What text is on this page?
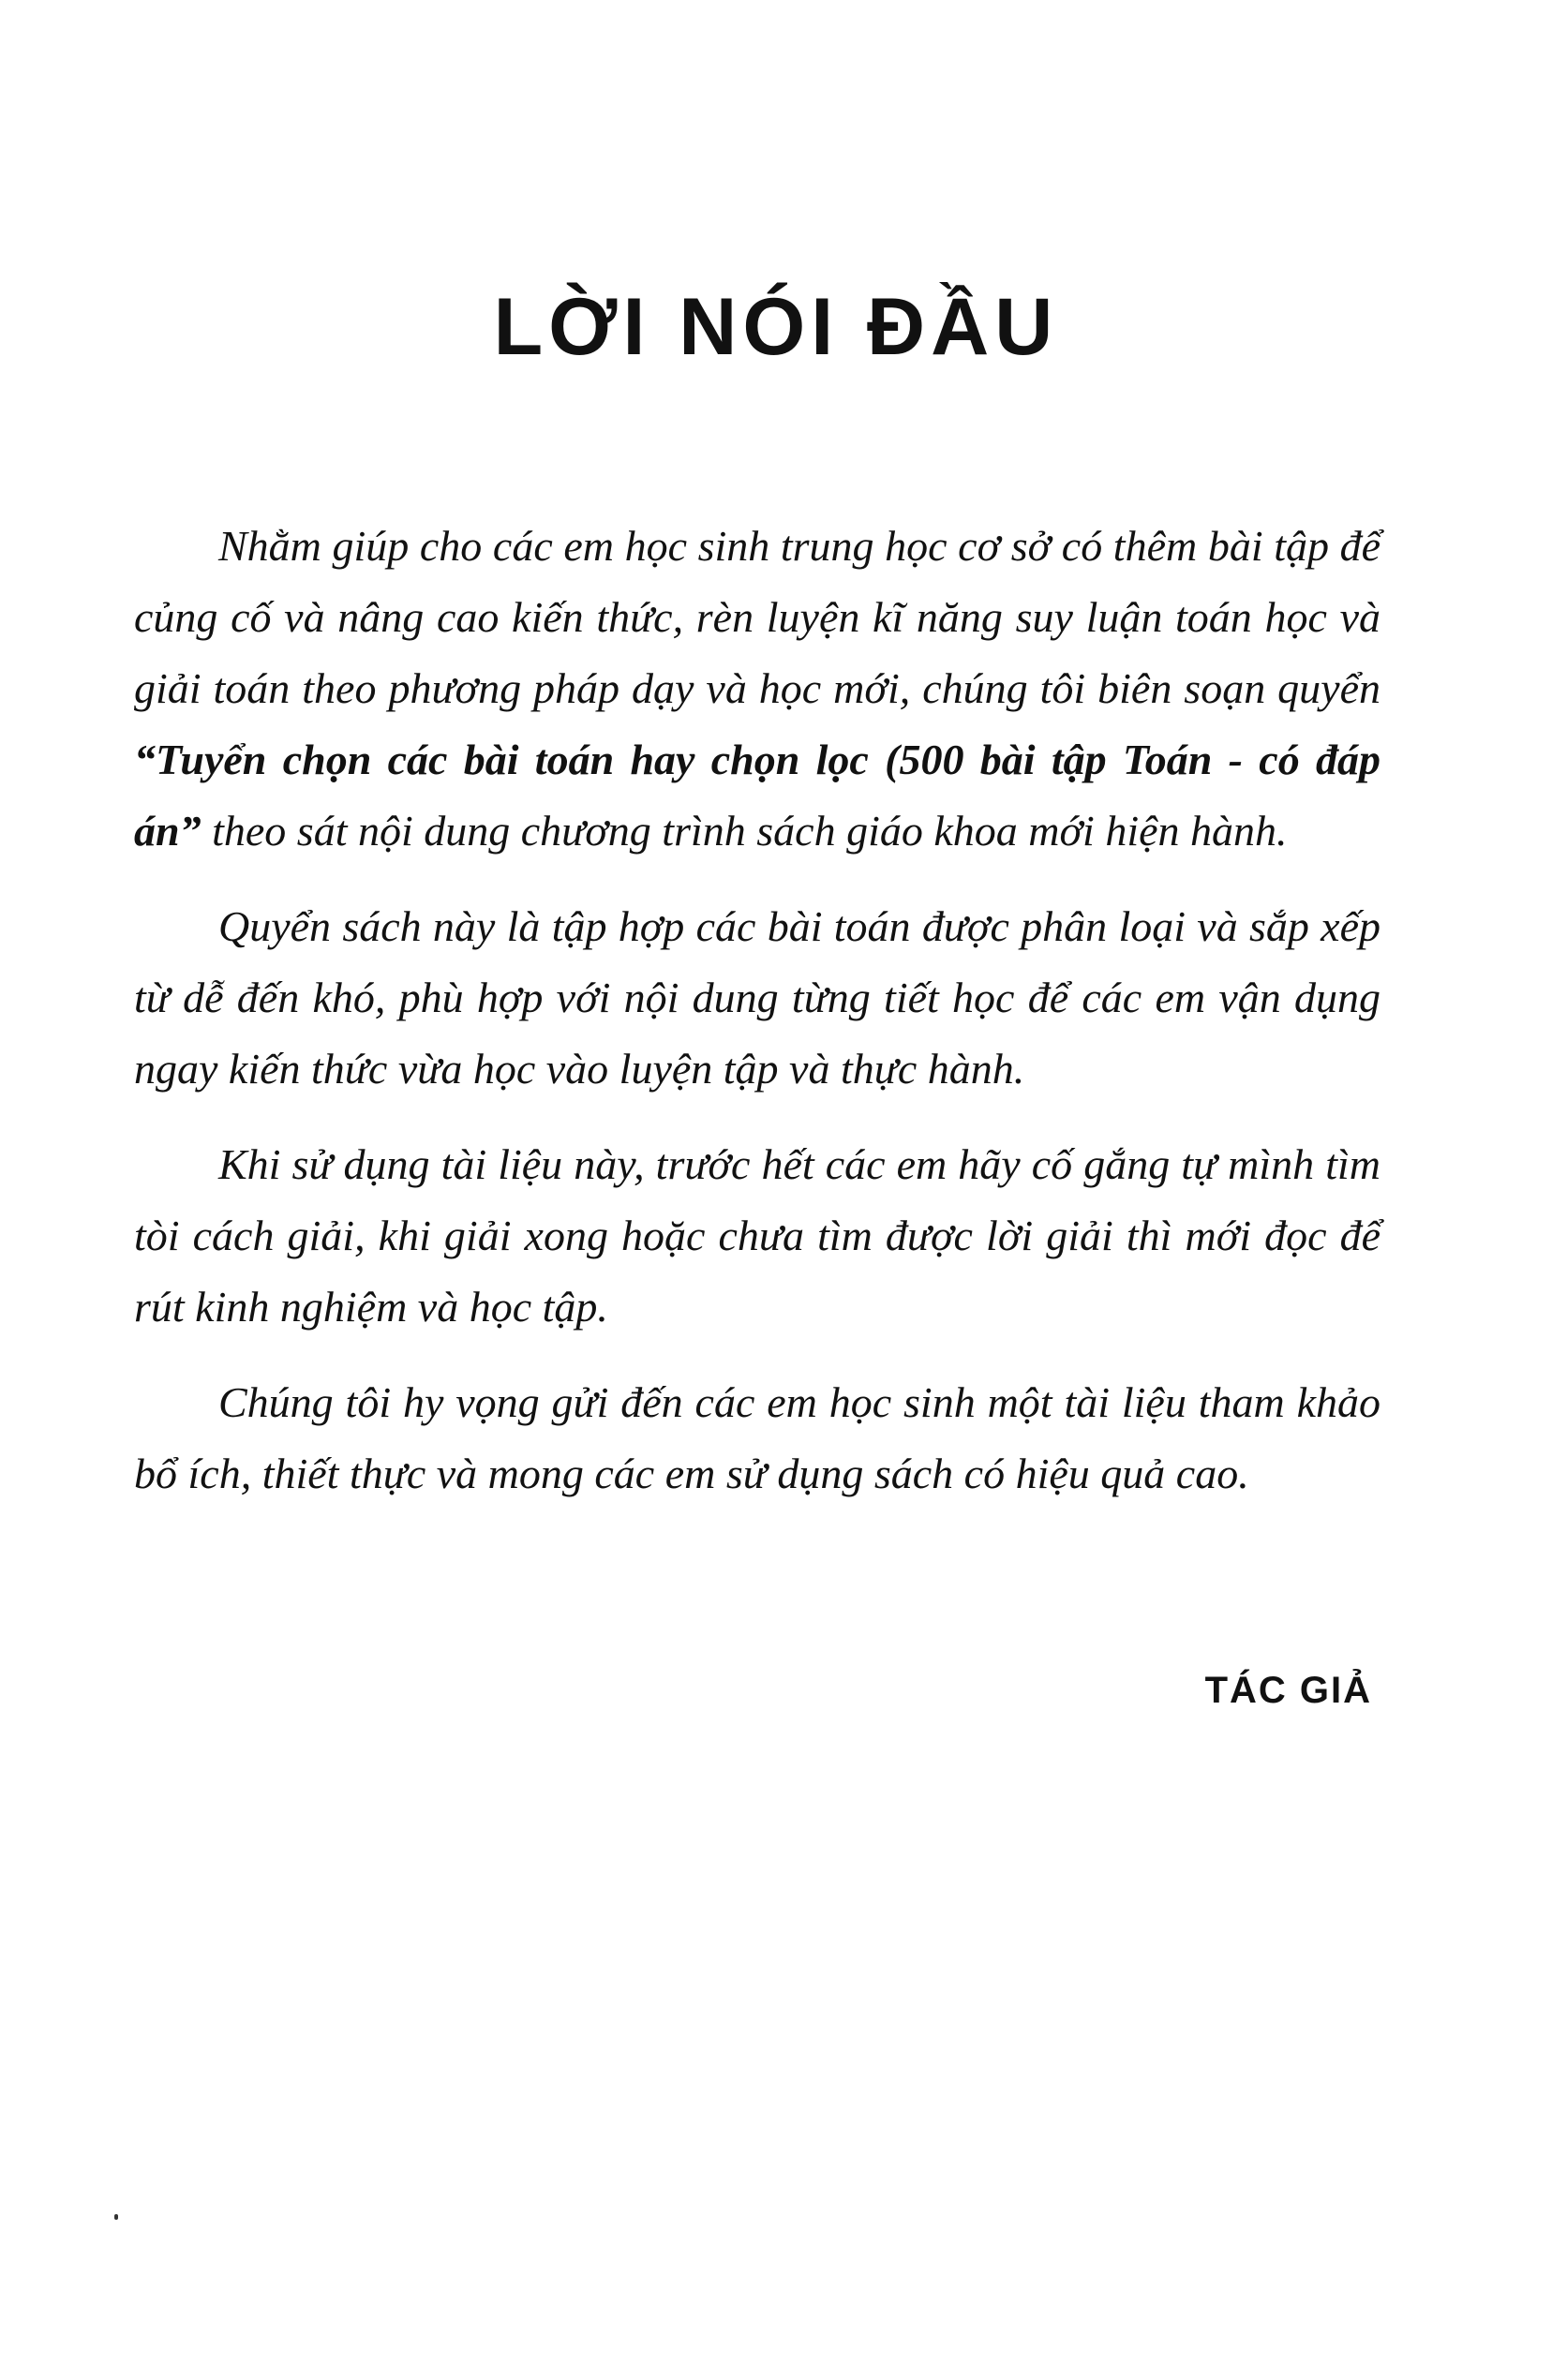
LỜI NÓI ĐẦU

Nhằm giúp cho các em học sinh trung học cơ sở có thêm bài tập để củng cố và nâng cao kiến thức, rèn luyện kĩ năng suy luận toán học và giải toán theo phương pháp dạy và học mới, chúng tôi biên soạn quyển “Tuyển chọn các bài toán hay chọn lọc (500 bài tập Toán - có đáp án” theo sát nội dung chương trình sách giáo khoa mới hiện hành.

Quyển sách này là tập hợp các bài toán được phân loại và sắp xếp từ dễ đến khó, phù hợp với nội dung từng tiết học để các em vận dụng ngay kiến thức vừa học vào luyện tập và thực hành.

Khi sử dụng tài liệu này, trước hết các em hãy cố gắng tự mình tìm tòi cách giải, khi giải xong hoặc chưa tìm được lời giải thì mới đọc để rút kinh nghiệm và học tập.

Chúng tôi hy vọng gửi đến các em học sinh một tài liệu tham khảo bổ ích, thiết thực và mong các em sử dụng sách có hiệu quả cao.

TÁC GIẢ
